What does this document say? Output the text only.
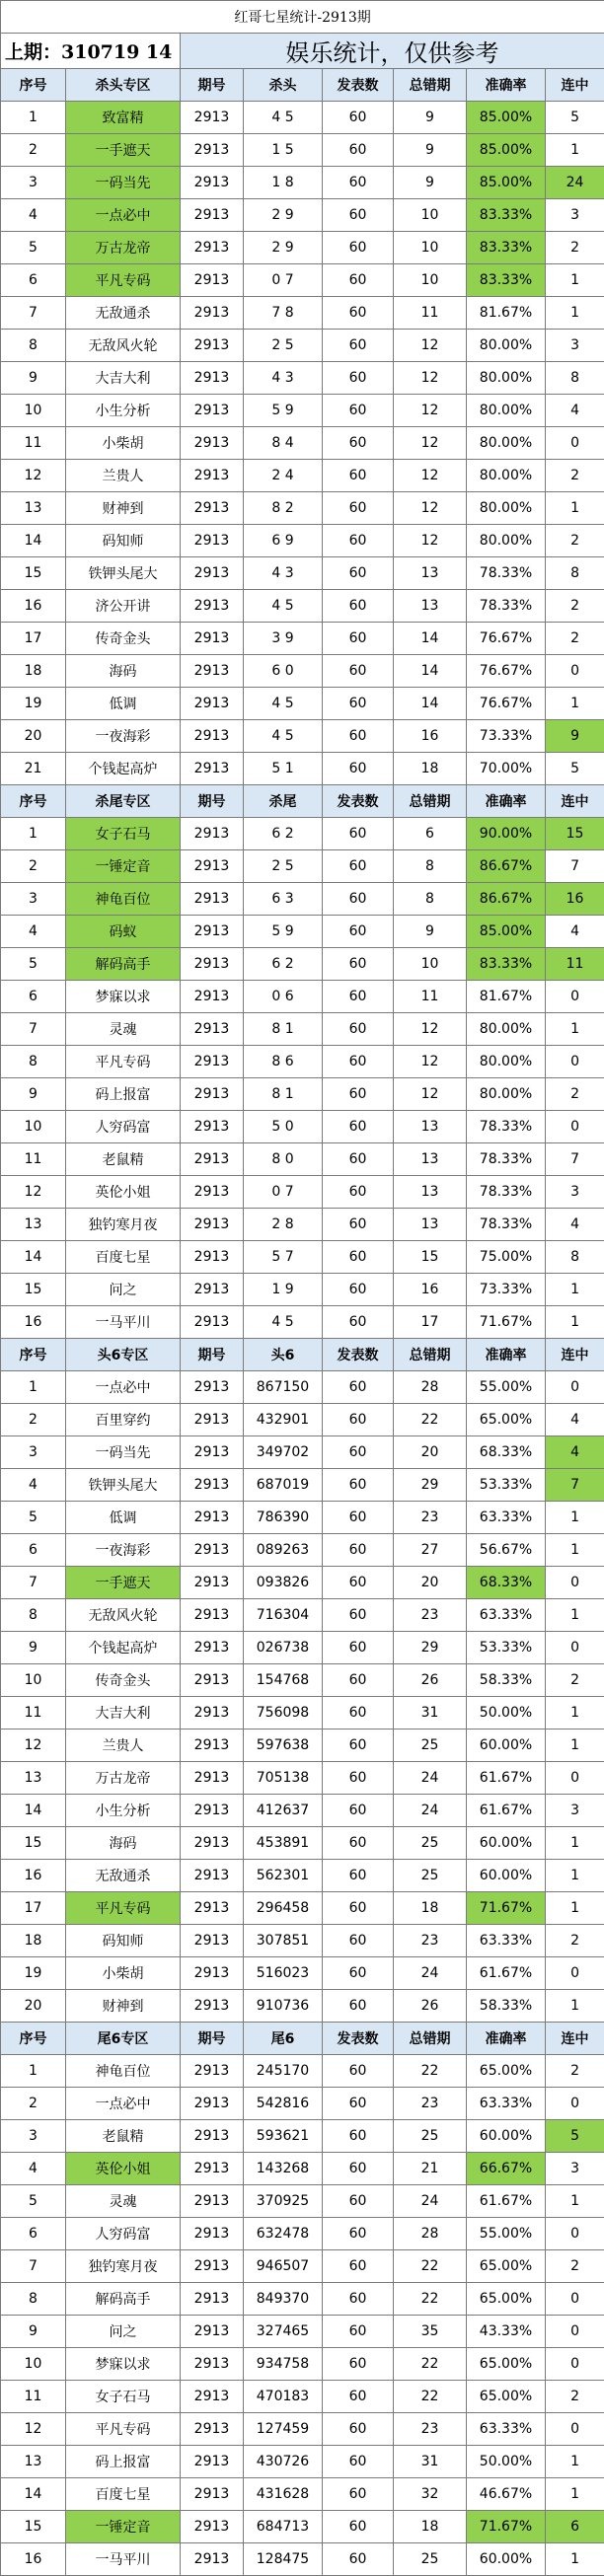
红哥七星统计-2913期							
上期：310719 14		娱乐统计，仅供参考					
序号	杀头专区	期号	杀头	发表数	总错期	准确率	连中
1	致富精	2913	4 5	60	9	85.00%	5
2	一手遮天	2913	1 5	60	9	85.00%	1
3	一码当先	2913	1 8	60	9	85.00%	24
4	一点必中	2913	2 9	60	10	83.33%	3
5	万古龙帝	2913	2 9	60	10	83.33%	2
6	平凡专码	2913	0 7	60	10	83.33%	1
7	无敌通杀	2913	7 8	60	11	81.67%	1
8	无敌风火轮	2913	2 5	60	12	80.00%	3
9	大吉大利	2913	4 3	60	12	80.00%	8
10	小生分析	2913	5 9	60	12	80.00%	4
11	小柴胡	2913	8 4	60	12	80.00%	0
12	兰贵人	2913	2 4	60	12	80.00%	2
13	财神到	2913	8 2	60	12	80.00%	1
14	码知师	2913	6 9	60	12	80.00%	2
15	铁钾头尾大	2913	4 3	60	13	78.33%	8
16	济公开讲	2913	4 5	60	13	78.33%	2
17	传奇金头	2913	3 9	60	14	76.67%	2
18	海码	2913	6 0	60	14	76.67%	0
19	低调	2913	4 5	60	14	76.67%	1
20	一夜海彩	2913	4 5	60	16	73.33%	9
21	个钱起高炉	2913	5 1	60	18	70.00%	5
序号	杀尾专区	期号	杀尾	发表数	总错期	准确率	连中
1	女子石马	2913	6 2	60	6	90.00%	15
2	一锤定音	2913	2 5	60	8	86.67%	7
3	神龟百位	2913	6 3	60	8	86.67%	16
4	码蚁	2913	5 9	60	9	85.00%	4
5	解码高手	2913	6 2	60	10	83.33%	11
6	梦寐以求	2913	0 6	60	11	81.67%	0
7	灵魂	2913	8 1	60	12	80.00%	1
8	平凡专码	2913	8 6	60	12	80.00%	0
9	码上报富	2913	8 1	60	12	80.00%	2
10	人穷码富	2913	5 0	60	13	78.33%	0
11	老鼠精	2913	8 0	60	13	78.33%	7
12	英伦小姐	2913	0 7	60	13	78.33%	3
13	独钓寒月夜	2913	2 8	60	13	78.33%	4
14	百度七星	2913	5 7	60	15	75.00%	8
15	问之	2913	1 9	60	16	73.33%	1
16	一马平川	2913	4 5	60	17	71.67%	1
序号	头6专区	期号	头6	发表数	总错期	准确率	连中
1	一点必中	2913	867150	60	28	55.00%	0
2	百里穿约	2913	432901	60	22	65.00%	4
3	一码当先	2913	349702	60	20	68.33%	4
4	铁钾头尾大	2913	687019	60	29	53.33%	7
5	低调	2913	786390	60	23	63.33%	1
6	一夜海彩	2913	089263	60	27	56.67%	1
7	一手遮天	2913	093826	60	20	68.33%	0
8	无敌风火轮	2913	716304	60	23	63.33%	1
9	个钱起高炉	2913	026738	60	29	53.33%	0
10	传奇金头	2913	154768	60	26	58.33%	2
11	大吉大利	2913	756098	60	31	50.00%	1
12	兰贵人	2913	597638	60	25	60.00%	1
13	万古龙帝	2913	705138	60	24	61.67%	0
14	小生分析	2913	412637	60	24	61.67%	3
15	海码	2913	453891	60	25	60.00%	1
16	无敌通杀	2913	562301	60	25	60.00%	1
17	平凡专码	2913	296458	60	18	71.67%	1
18	码知师	2913	307851	60	23	63.33%	2
19	小柴胡	2913	516023	60	24	61.67%	0
20	财神到	2913	910736	60	26	58.33%	1
序号	尾6专区	期号	尾6	发表数	总错期	准确率	连中
1	神龟百位	2913	245170	60	22	65.00%	2
2	一点必中	2913	542816	60	23	63.33%	0
3	老鼠精	2913	593621	60	25	60.00%	5
4	英伦小姐	2913	143268	60	21	66.67%	3
5	灵魂	2913	370925	60	24	61.67%	1
6	人穷码富	2913	632478	60	28	55.00%	0
7	独钓寒月夜	2913	946507	60	22	65.00%	2
8	解码高手	2913	849370	60	22	65.00%	0
9	问之	2913	327465	60	35	43.33%	0
10	梦寐以求	2913	934758	60	22	65.00%	0
11	女子石马	2913	470183	60	22	65.00%	2
12	平凡专码	2913	127459	60	23	63.33%	0
13	码上报富	2913	430726	60	31	50.00%	1
14	百度七星	2913	431628	60	32	46.67%	1
15	一锤定音	2913	684713	60	18	71.67%	6
16	一马平川	2913	128475	60	25	60.00%	1
